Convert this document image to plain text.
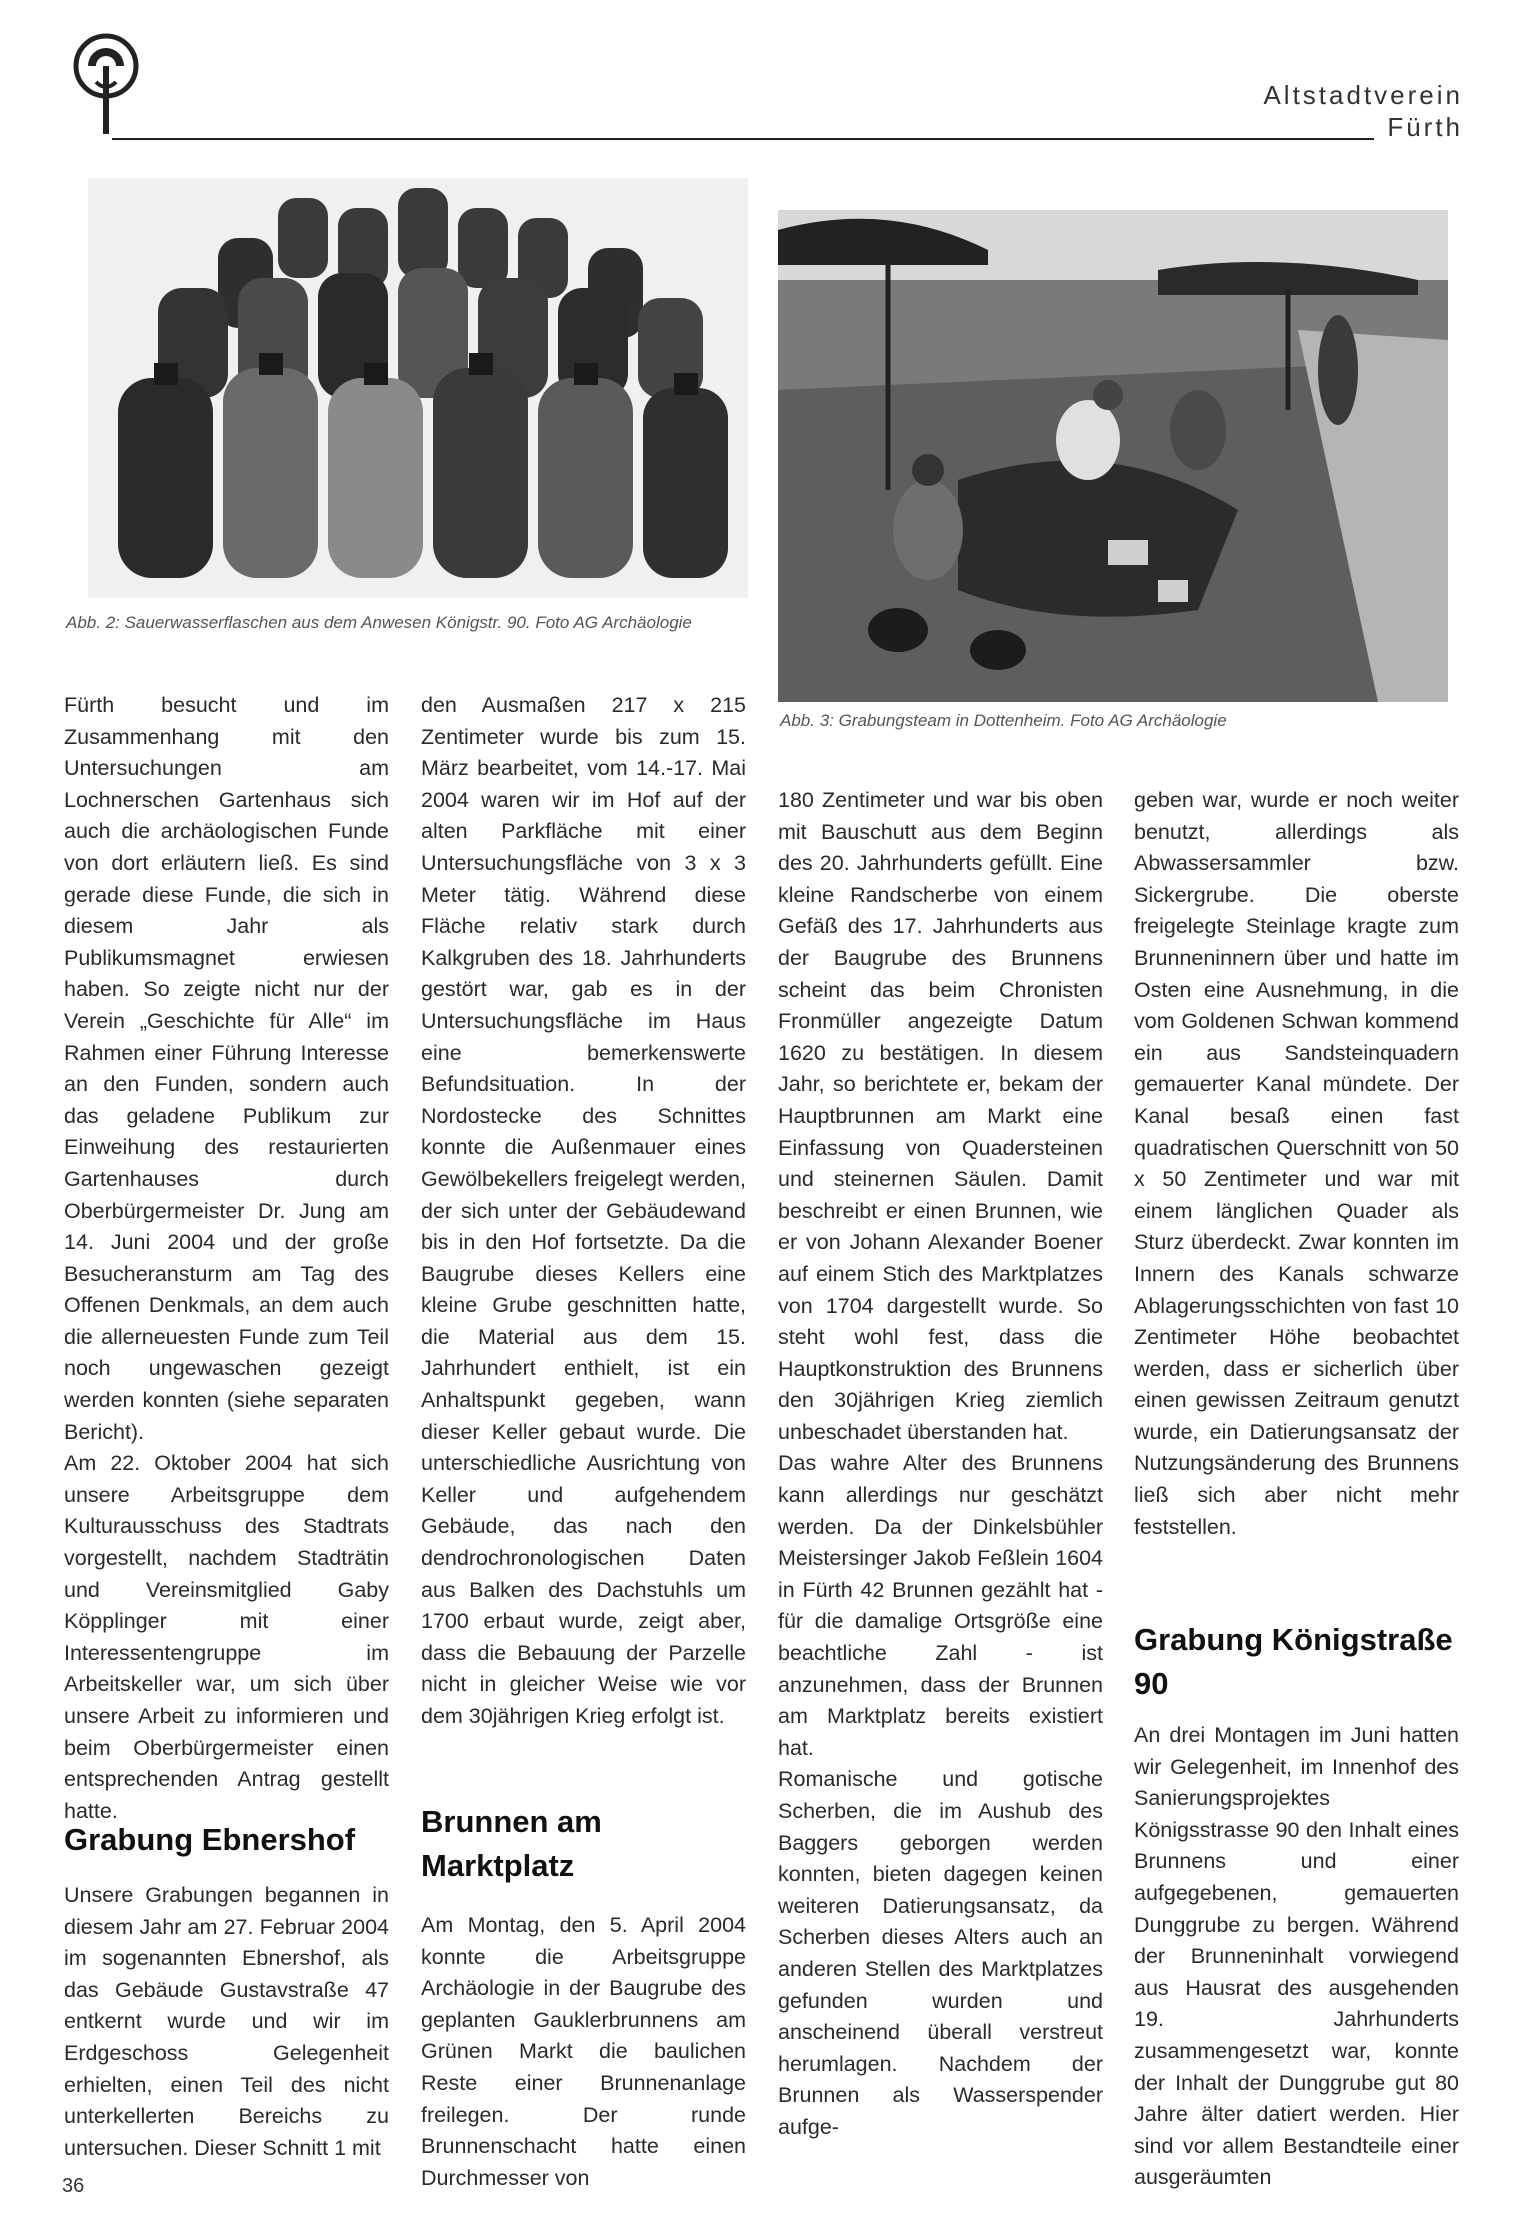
Altstadtverein
Fürth
Abb. 2: Sauerwasserflaschen aus dem Anwesen Königstr. 90. Foto AG Archäologie
Abb. 3: Grabungsteam in Dottenheim. Foto AG Archäologie

Fürth besucht und im Zusammenhang mit den Untersuchungen am Lochnerschen Gartenhaus sich auch die archäologischen Funde von dort erläutern ließ. Es sind gerade diese Funde, die sich in diesem Jahr als Publikumsmagnet erwiesen haben. So zeigte nicht nur der Verein „Geschichte für Alle“ im Rahmen einer Führung Interesse an den Funden, sondern auch das geladene Publikum zur Einweihung des restaurierten Gartenhauses durch Oberbürgermeister Dr. Jung am 14. Juni 2004 und der große Besucheransturm am Tag des Offenen Denkmals, an dem auch die allerneuesten Funde zum Teil noch ungewaschen gezeigt werden konnten (siehe separaten Bericht).

Am 22. Oktober 2004 hat sich unsere Arbeitsgruppe dem Kulturausschuss des Stadtrats vorgestellt, nachdem Stadträtin und Vereinsmitglied Gaby Köpplinger mit einer Interessentengruppe im Arbeitskeller war, um sich über unsere Arbeit zu informieren und beim Oberbürgermeister einen entsprechenden Antrag gestellt hatte.

Grabung Ebnershof

Unsere Grabungen begannen in diesem Jahr am 27. Februar 2004 im sogenannten Ebnershof, als das Gebäude Gustavstraße 47 entkernt wurde und wir im Erdgeschoss Gelegenheit erhielten, einen Teil des nicht unterkellerten Bereichs zu untersuchen. Dieser Schnitt 1 mit

den Ausmaßen 217 x 215 Zentimeter wurde bis zum 15. März bearbeitet, vom 14.-17. Mai 2004 waren wir im Hof auf der alten Parkfläche mit einer Untersuchungsfläche von 3 x 3 Meter tätig. Während diese Fläche relativ stark durch Kalkgruben des 18. Jahrhunderts gestört war, gab es in der Untersuchungsfläche im Haus eine bemerkenswerte Befundsituation. In der Nordostecke des Schnittes konnte die Außenmauer eines Gewölbekellers freigelegt werden, der sich unter der Gebäudewand bis in den Hof fortsetzte. Da die Baugrube dieses Kellers eine kleine Grube geschnitten hatte, die Material aus dem 15. Jahrhundert enthielt, ist ein Anhaltspunkt gegeben, wann dieser Keller gebaut wurde. Die unterschiedliche Ausrichtung von Keller und aufgehendem Gebäude, das nach den dendrochronologischen Daten aus Balken des Dachstuhls um 1700 erbaut wurde, zeigt aber, dass die Bebauung der Parzelle nicht in gleicher Weise wie vor dem 30jährigen Krieg erfolgt ist.

Brunnen am Marktplatz

Am Montag, den 5. April 2004 konnte die Arbeitsgruppe Archäologie in der Baugrube des geplanten Gauklerbrunnens am Grünen Markt die baulichen Reste einer Brunnenanlage freilegen. Der runde Brunnenschacht hatte einen Durchmesser von

180 Zentimeter und war bis oben mit Bauschutt aus dem Beginn des 20. Jahrhunderts gefüllt. Eine kleine Randscherbe von einem Gefäß des 17. Jahrhunderts aus der Baugrube des Brunnens scheint das beim Chronisten Fronmüller angezeigte Datum 1620 zu bestätigen. In diesem Jahr, so berichtete er, bekam der Hauptbrunnen am Markt eine Einfassung von Quadersteinen und steinernen Säulen. Damit beschreibt er einen Brunnen, wie er von Johann Alexander Boener auf einem Stich des Marktplatzes von 1704 dargestellt wurde. So steht wohl fest, dass die Hauptkonstruktion des Brunnens den 30jährigen Krieg ziemlich unbeschadet überstanden hat.

Das wahre Alter des Brunnens kann allerdings nur geschätzt werden. Da der Dinkelsbühler Meistersinger Jakob Feßlein 1604 in Fürth 42 Brunnen gezählt hat - für die damalige Ortsgröße eine beachtliche Zahl - ist anzunehmen, dass der Brunnen am Marktplatz bereits existiert hat.

Romanische und gotische Scherben, die im Aushub des Baggers geborgen werden konnten, bieten dagegen keinen weiteren Datierungsansatz, da Scherben dieses Alters auch an anderen Stellen des Marktplatzes gefunden wurden und anscheinend überall verstreut herumlagen. Nachdem der Brunnen als Wasserspender aufge-

geben war, wurde er noch weiter benutzt, allerdings als Abwassersammler bzw. Sickergrube. Die oberste freigelegte Steinlage kragte zum Brunneninnern über und hatte im Osten eine Ausnehmung, in die vom Goldenen Schwan kommend ein aus Sandsteinquadern gemauerter Kanal mündete. Der Kanal besaß einen fast quadratischen Querschnitt von 50 x 50 Zentimeter und war mit einem länglichen Quader als Sturz überdeckt. Zwar konnten im Innern des Kanals schwarze Ablagerungsschichten von fast 10 Zentimeter Höhe beobachtet werden, dass er sicherlich über einen gewissen Zeitraum genutzt wurde, ein Datierungsansatz der Nutzungsänderung des Brunnens ließ sich aber nicht mehr feststellen.

Grabung Königstraße 90

An drei Montagen im Juni hatten wir Gelegenheit, im Innenhof des Sanierungsprojektes Königsstrasse 90 den Inhalt eines Brunnens und einer aufgegebenen, gemauerten Dunggrube zu bergen. Während der Brunneninhalt vorwiegend aus Hausrat des ausgehenden 19. Jahrhunderts zusammengesetzt war, konnte der Inhalt der Dunggrube gut 80 Jahre älter datiert werden. Hier sind vor allem Bestandteile einer ausgeräumten

36
